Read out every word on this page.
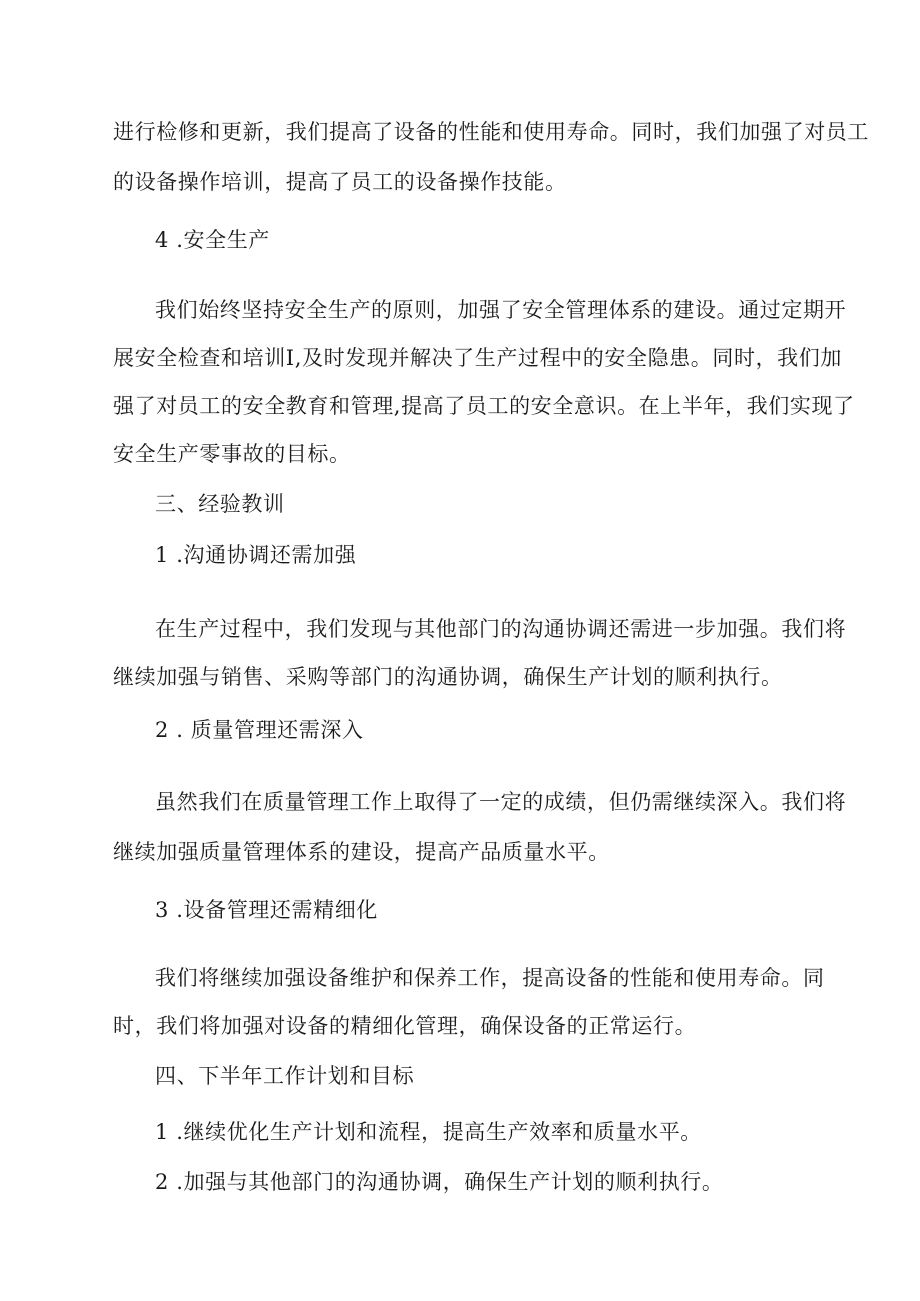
进行检修和更新，我们提高了设备的性能和使用寿命。同时，我们加强了对员工
的设备操作培训，提高了员工的设备操作技能。
4 .安全生产
我们始终坚持安全生产的原则，加强了安全管理体系的建设。通过定期开
展安全检查和培训I,及时发现并解决了生产过程中的安全隐患。同时，我们加
强了对员工的安全教育和管理,提高了员工的安全意识。在上半年，我们实现了
安全生产零事故的目标。
三、经验教训
1 .沟通协调还需加强
在生产过程中，我们发现与其他部门的沟通协调还需进一步加强。我们将
继续加强与销售、采购等部门的沟通协调，确保生产计划的顺利执行。
2 . 质量管理还需深入
虽然我们在质量管理工作上取得了一定的成绩，但仍需继续深入。我们将
继续加强质量管理体系的建设，提高产品质量水平。
3 .设备管理还需精细化
我们将继续加强设备维护和保养工作，提高设备的性能和使用寿命。同
时，我们将加强对设备的精细化管理，确保设备的正常运行。
四、下半年工作计划和目标
1 .继续优化生产计划和流程，提高生产效率和质量水平。
2 .加强与其他部门的沟通协调，确保生产计划的顺利执行。
